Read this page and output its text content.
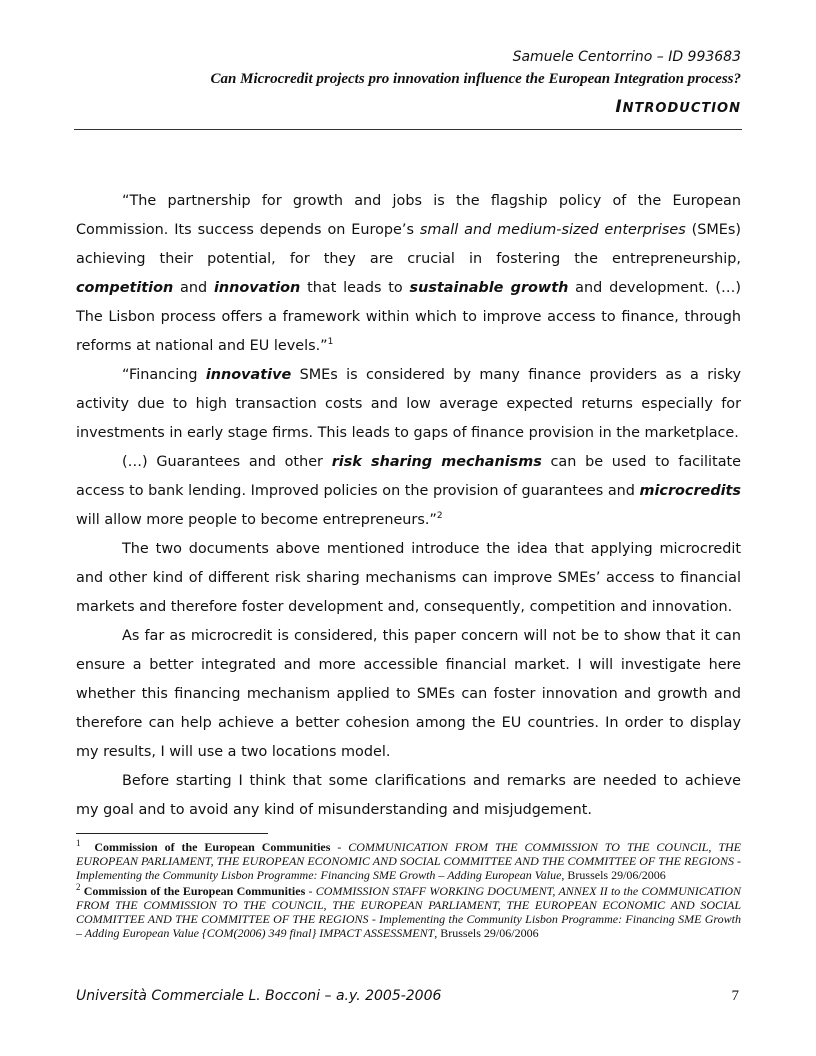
Samuele Centorrino – ID 993683
Can Microcredit projects pro innovation influence the European Integration process?
INTRODUCTION

“The partnership for growth and jobs is the flagship policy of the European Commission. Its success depends on Europe’s small and medium-sized enterprises (SMEs) achieving their potential, for they are crucial in fostering the entrepreneurship, competition and innovation that leads to sustainable growth and development. (…) The Lisbon process offers a framework within which to improve access to finance, through reforms at national and EU levels.”$^1$

“Financing innovative SMEs is considered by many finance providers as a risky activity due to high transaction costs and low average expected returns especially for investments in early stage firms. This leads to gaps of finance provision in the marketplace.

(…) Guarantees and other risk sharing mechanisms can be used to facilitate access to bank lending. Improved policies on the provision of guarantees and microcredits will allow more people to become entrepreneurs.”$^2$

The two documents above mentioned introduce the idea that applying microcredit and other kind of different risk sharing mechanisms can improve SMEs’ access to financial markets and therefore foster development and, consequently, competition and innovation.

As far as microcredit is considered, this paper concern will not be to show that it can ensure a better integrated and more accessible financial market. I will investigate here whether this financing mechanism applied to SMEs can foster innovation and growth and therefore can help achieve a better cohesion among the EU countries. In order to display my results, I will use a two locations model.

Before starting I think that some clarifications and remarks are needed to achieve my goal and to avoid any kind of misunderstanding and misjudgement.

$^1$ Commission of the European Communities - COMMUNICATION FROM THE COMMISSION TO THE COUNCIL, THE EUROPEAN PARLIAMENT, THE EUROPEAN ECONOMIC AND SOCIAL COMMITTEE AND THE COMMITTEE OF THE REGIONS - Implementing the Community Lisbon Programme: Financing SME Growth – Adding European Value, Brussels 29/06/2006

$^2$ Commission of the European Communities - COMMISSION STAFF WORKING DOCUMENT, ANNEX II to the COMMUNICATION FROM THE COMMISSION TO THE COUNCIL, THE EUROPEAN PARLIAMENT, THE EUROPEAN ECONOMIC AND SOCIAL COMMITTEE AND THE COMMITTEE OF THE REGIONS - Implementing the Community Lisbon Programme: Financing SME Growth – Adding European Value {COM(2006) 349 final} IMPACT ASSESSMENT, Brussels 29/06/2006

Università Commerciale L. Bocconi – a.y. 2005-2006	7
